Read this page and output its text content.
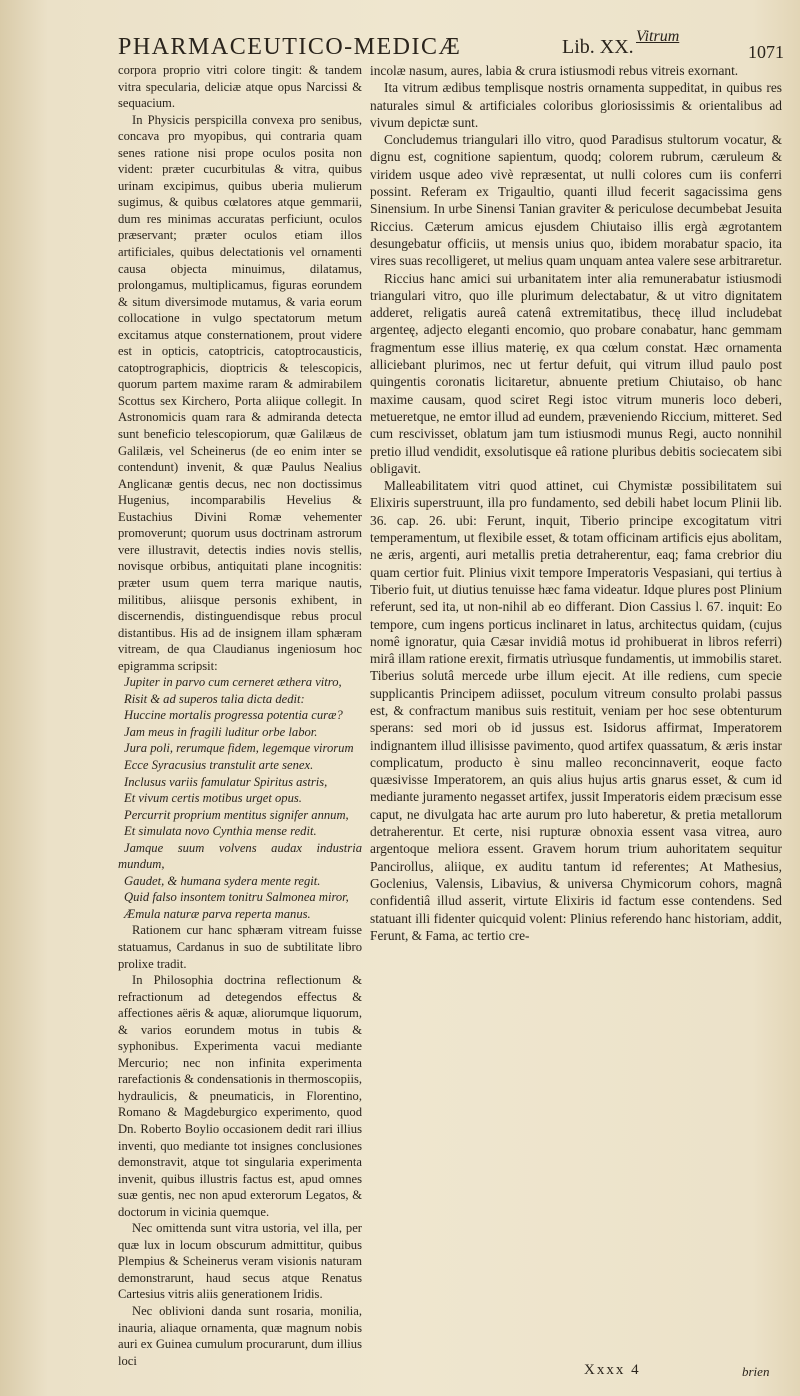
PHARMACEUTICO-MEDICÆ	Lib. XX. Vitrum
1071

corpora proprio vitri colore tingit: & tandem vitra specularia, deliciæ atque opus Narcissi & sequacium.

In Physicis perspicilla convexa pro senibus, concava pro myopibus, qui contraria quam senes ratione nisi prope oculos posita non vident: præter cucurbitulas & vitra, quibus urinam excipimus, quibus uberia mulierum sugimus, & quibus cœlatores atque gemmarii, dum res minimas accuratas perficiunt, oculos præservant; præter oculos etiam illos artificiales, quibus delectationis vel ornamenti causa objecta minuimus, dilatamus, prolongamus, multiplicamus, figuras eorundem & situm diversimode mutamus, & varia eorum collocatione in vulgo spectatorum metum excitamus atque consternationem, prout videre est in opticis, catoptricis, catoptrocausticis, catoptrographicis, dioptricis & telescopicis, quorum partem maxime raram & admirabilem Scottus sex Kirchero, Porta aliique collegit. In Astronomicis quam rara & admiranda detecta sunt beneficio telescopiorum, quæ Galilæus de Galilæis, vel Scheinerus (de eo enim inter se contendunt) invenit, & quæ Paulus Nealius Anglicanæ gentis decus, nec non doctissimus Hugenius, incomparabilis Hevelius & Eustachius Divini Romæ vehementer promoverunt; quorum usus doctrinam astrorum vere illustravit, detectis indies novis stellis, novisque orbibus, antiquitati plane incognitis: præter usum quem terra marique nautis, militibus, aliisque personis exhibent, in discernendis, distinguendisque rebus procul distantibus. His ad de insignem illam sphæram vitream, de qua Claudianus ingeniosum hoc epigramma scripsit:

Jupiter in parvo cum cerneret æthera vitro,

Risit & ad superos talia dicta dedit:

Huccine mortalis progressa potentia curæ?

Jam meus in fragili luditur orbe labor.

Jura poli, rerumque fidem, legemque virorum

Ecce Syracusius transtulit arte senex.

Inclusus variis famulatur Spiritus astris,

Et vivum certis motibus urget opus.

Percurrit proprium mentitus signifer annum,

Et simulata novo Cynthia mense redit.

Jamque suum volvens audax industria mundum,

Gaudet, & humana sydera mente regit.

Quid falso insontem tonitru Salmonea miror,

Æmula naturæ parva reperta manus.

Rationem cur hanc sphæram vitream fuisse statuamus, Cardanus in suo de subtilitate libro prolixe tradit.

In Philosophia doctrina reflectionum & refractionum ad detegendos effectus & affectiones aëris & aquæ, aliorumque liquorum, & varios eorundem motus in tubis & syphonibus. Experimenta vacui mediante Mercurio; nec non infinita experimenta rarefactionis & condensationis in thermoscopiis, hydraulicis, & pneumaticis, in Florentino, Romano & Magdeburgico experimento, quod Dn. Roberto Boylio occasionem dedit rari illius inventi, quo mediante tot insignes conclusiones demonstravit, atque tot singularia experimenta invenit, quibus illustris factus est, apud omnes suæ gentis, nec non apud exterorum Legatos, & doctorum in vicinia quemque.

Nec omittenda sunt vitra ustoria, vel illa, per quæ lux in locum obscurum admittitur, quibus Plempius & Scheinerus veram visionis naturam demonstrarunt, haud secus atque Renatus Cartesius vitris aliis generationem Iridis.

Nec oblivioni danda sunt rosaria, monilia, inauria, aliaque ornamenta, quæ magnum nobis auri ex Guinea cumulum procurarunt, dum illius loci

incolæ nasum, aures, labia & crura istiusmodi rebus vitreis exornant.

Ita vitrum ædibus templisque nostris ornamenta suppeditat, in quibus res naturales simul & artificiales coloribus gloriosissimis & orientalibus ad vivum depictæ sunt.

Concludemus triangulari illo vitro, quod Paradisus stultorum vocatur, & dignu est, cognitione sapientum, quodq; colorem rubrum, cæruleum & viridem usque adeo vivè repræsentat, ut nulli colores cum iis conferri possint. Referam ex Trigaultio, quanti illud fecerit sagacissima gens Sinensium. In urbe Sinensi Tanian graviter & periculose decumbebat Jesuita Riccius. Cæterum amicus ejusdem Chiutaiso illis ergà ægrotantem desungebatur officiis, ut mensis unius quo, ibidem morabatur spacio, ita vires suas recolligeret, ut melius quam unquam antea valere sese arbitraretur.

Riccius hanc amici sui urbanitatem inter alia remunerabatur istiusmodi triangulari vitro, quo ille plurimum delectabatur, & ut vitro dignitatem adderet, religatis aureâ catenâ extremitatibus, thecę illud includebat argenteę, adjecto eleganti encomio, quo probare conabatur, hanc gemmam fragmentum esse illius materię, ex qua cœlum constat. Hæc ornamenta alliciebant plurimos, nec ut fertur defuit, qui vitrum illud paulo post quingentis coronatis licitaretur, abnuente pretium Chiutaiso, ob hanc maxime causam, quod sciret Regi istoc vitrum muneris loco deberi, metueretque, ne emtor illud ad eundem, præveniendo Riccium, mitteret. Sed cum rescivisset, oblatum jam tum istiusmodi munus Regi, aucto nonnihil pretio illud vendidit, exsolutisque eâ ratione pluribus debitis sociecatem sibi obligavit.

Malleabilitatem vitri quod attinet, cui Chymistæ possibilitatem sui Elixiris superstruunt, illa pro fundamento, sed debili habet locum Plinii lib. 36. cap. 26. ubi: Ferunt, inquit, Tiberio principe excogitatum vitri temperamentum, ut flexibile esset, & totam officinam artificis ejus abolitam, ne æris, argenti, auri metallis pretia detraherentur, eaq; fama crebrior diu quam certior fuit. Plinius vixit tempore Imperatoris Vespasiani, qui tertius à Tiberio fuit, ut diutius tenuisse hæc fama videatur. Idque plures post Plinium referunt, sed ita, ut non-nihil ab eo differant. Dion Cassius l. 67. inquit: Eo tempore, cum ingens porticus inclinaret in latus, architectus quidam, (cujus nomê ignoratur, quia Cæsar invidiâ motus id prohibuerat in libros referri) mirâ illam ratione erexit, firmatis utrìusque fundamentis, ut immobilis staret. Tiberius solutâ mercede urbe illum ejecit. At ille rediens, cum specie supplicantis Principem adiisset, poculum vitreum consulto prolabi passus est, & confractum manibus suis restituit, veniam per hoc sese obtenturum sperans: sed mori ob id jussus est. Isidorus affirmat, Imperatorem indignantem illud illisisse pavimento, quod artifex quassatum, & æris instar complicatum, producto è sinu malleo reconcinnaverit, eoque facto quæsivisse Imperatorem, an quis alius hujus artis gnarus esset, & cum id mediante juramento negasset artifex, jussit Imperatoris eidem præcisum esse caput, ne divulgata hac arte aurum pro luto haberetur, & pretia metallorum detraherentur. Et certe, nisi rupturæ obnoxia essent vasa vitrea, auro argentoque meliora essent. Gravem horum trium auhoritatem sequitur Pancirollus, aliique, ex auditu tantum id referentes; At Mathesius, Goclenius, Valensis, Libavius, & universa Chymicorum cohors, magnâ confidentiâ illud asserit, virtute Elixiris id factum esse contendens. Sed statuant illi fidenter quicquid volent: Plinius referendo hanc historiam, addit, Ferunt, & Fama, ac tertio cre-

Xxxx 4	brien
